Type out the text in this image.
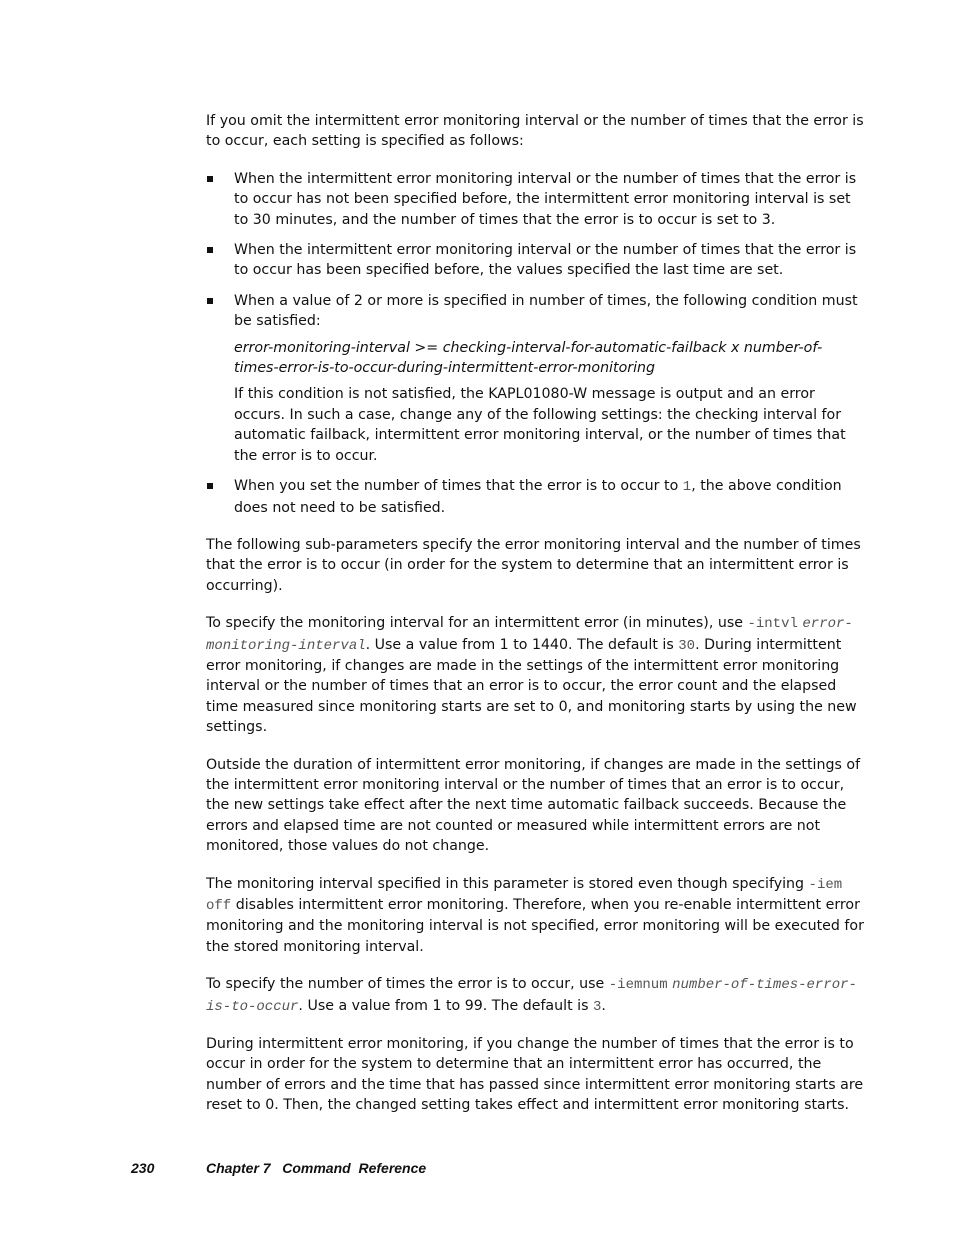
If you omit the intermittent error monitoring interval or the number of times that the error is to occur, each setting is specified as follows:

When the intermittent error monitoring interval or the number of times that the error is to occur has not been specified before, the intermittent error monitoring interval is set to 30 minutes, and the number of times that the error is to occur is set to 3.
When the intermittent error monitoring interval or the number of times that the error is to occur has been specified before, the values specified the last time are set.
When a value of 2 or more is specified in number of times, the following condition must be satisfied:
error-monitoring-interval >= checking-interval-for-automatic-failback x number-of-times-error-is-to-occur-during-intermittent-error-monitoring
If this condition is not satisfied, the KAPL01080-W message is output and an error occurs. In such a case, change any of the following settings: the checking interval for automatic failback, intermittent error monitoring interval, or the number of times that the error is to occur.
When you set the number of times that the error is to occur to 1, the above condition does not need to be satisfied.

The following sub-parameters specify the error monitoring interval and the number of times that the error is to occur (in order for the system to determine that an intermittent error is occurring).

To specify the monitoring interval for an intermittent error (in minutes), use -intvl error-monitoring-interval. Use a value from 1 to 1440. The default is 30. During intermittent error monitoring, if changes are made in the settings of the intermittent error monitoring interval or the number of times that an error is to occur, the error count and the elapsed time measured since monitoring starts are set to 0, and monitoring starts by using the new settings.

Outside the duration of intermittent error monitoring, if changes are made in the settings of the intermittent error monitoring interval or the number of times that an error is to occur, the new settings take effect after the next time automatic failback succeeds. Because the errors and elapsed time are not counted or measured while intermittent errors are not monitored, those values do not change.

The monitoring interval specified in this parameter is stored even though specifying -iem off disables intermittent error monitoring. Therefore, when you re-enable intermittent error monitoring and the monitoring interval is not specified, error monitoring will be executed for the stored monitoring interval.

To specify the number of times the error is to occur, use -iemnum number-of-times-error-is-to-occur. Use a value from 1 to 99. The default is 3.

During intermittent error monitoring, if you change the number of times that the error is to occur in order for the system to determine that an intermittent error has occurred, the number of errors and the time that has passed since intermittent error monitoring starts are reset to 0. Then, the changed setting takes effect and intermittent error monitoring starts.

230	Chapter 7   Command  Reference
